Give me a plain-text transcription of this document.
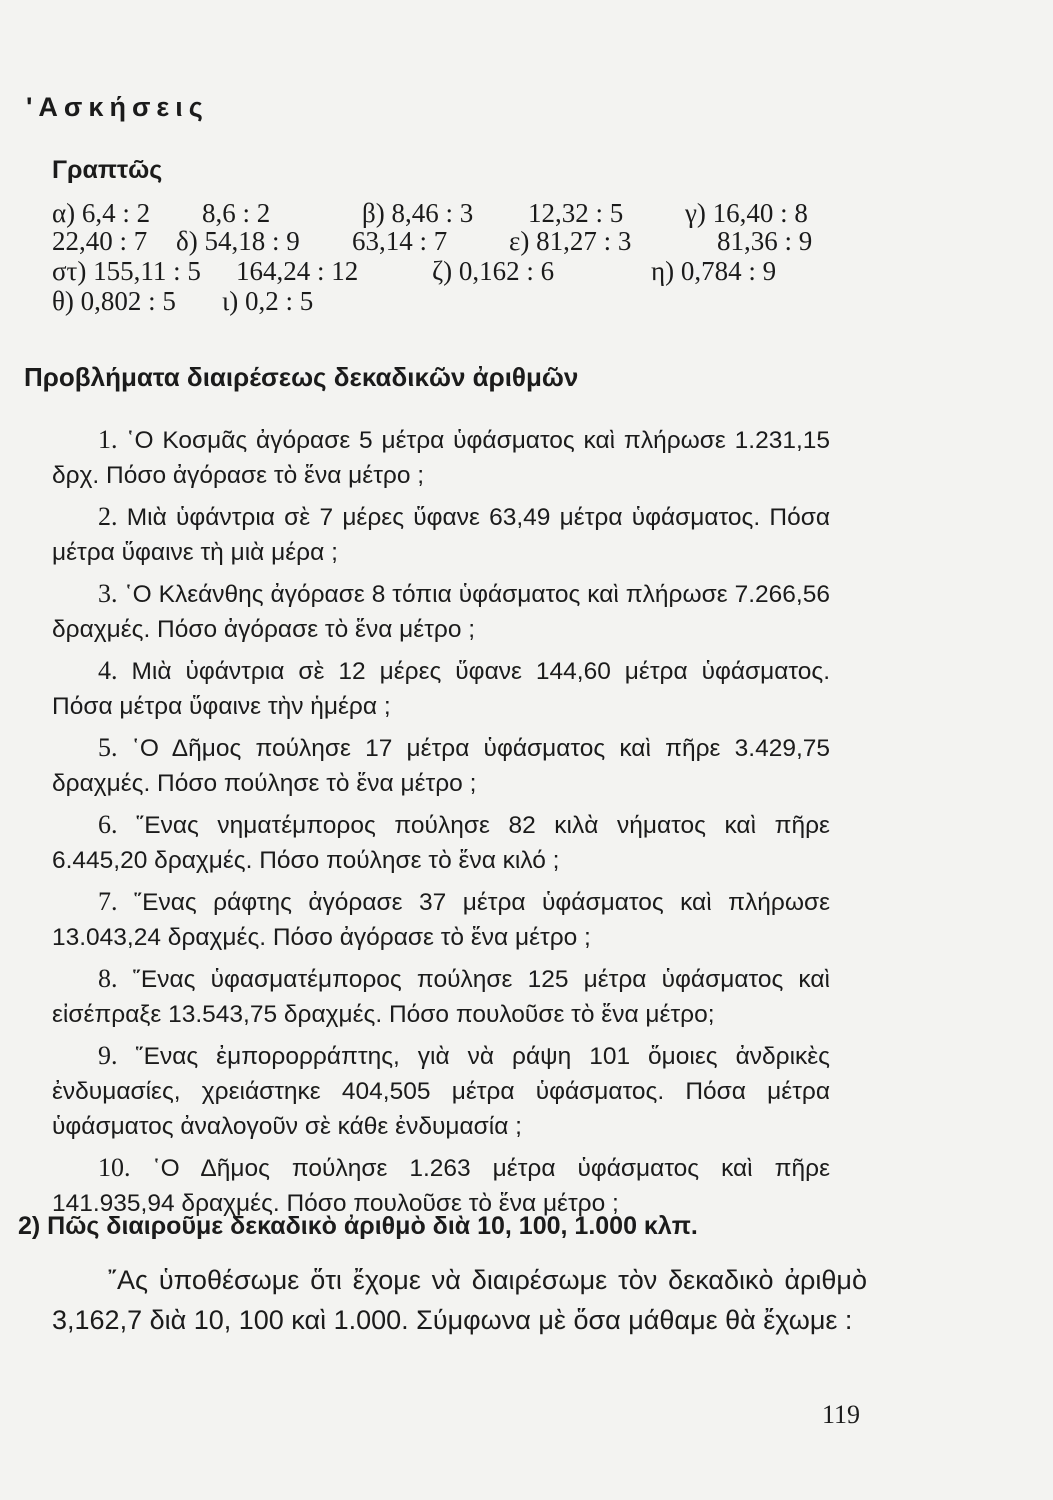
'Ασκήσεις
Γραπτῶς
α) 6,4 : 2 8,6 : 2	β) 8,46 : 3 12,32 : 5 γ) 16,40 : 8
22,40 : 7 δ) 54,18 : 9 63,14 : 7 ε) 81,27 : 3	81,36 : 9
στ) 155,11 : 5 164,24 : 12	ζ) 0,162 : 6	η) 0,784 : 9
θ) 0,802 : 5 ι) 0,2 : 5
Προβλήματα διαιρέσεως δεκαδικῶν ἀριθμῶν

1. ῾Ο Κοσμᾶς ἀγόρασε 5 μέτρα ὑφάσματος καὶ πλήρωσε 1.231,15 δρχ. Πόσο ἀγόρασε τὸ ἕνα μέτρο ;

2. Μιὰ ὑφάντρια σὲ 7 μέρες ὕφανε 63,49 μέτρα ὑφάσματος. Πόσα μέτρα ὕφαινε τὴ μιὰ μέρα ;

3. ῾Ο Κλεάνθης ἀγόρασε 8 τόπια ὑφάσματος καὶ πλήρωσε 7.266,56 δραχμές. Πόσο ἀγόρασε τὸ ἕνα μέτρο ;

4. Μιὰ ὑφάντρια σὲ 12 μέρες ὕφανε 144,60 μέτρα ὑφάσματος. Πόσα μέτρα ὕφαινε τὴν ἡμέρα ;

5. ῾Ο Δῆμος πούλησε 17 μέτρα ὑφάσματος καὶ πῆρε 3.429,75 δραχμές. Πόσο πούλησε τὸ ἕνα μέτρο ;

6. ῞Ενας νηματέμπορος πούλησε 82 κιλὰ νήματος καὶ πῆρε 6.445,20 δραχμές. Πόσο πούλησε τὸ ἕνα κιλό ;

7. ῞Ενας ράφτης ἀγόρασε 37 μέτρα ὑφάσματος καὶ πλήρωσε 13.043,24 δραχμές. Πόσο ἀγόρασε τὸ ἕνα μέτρο ;

8. ῞Ενας ὑφασματέμπορος πούλησε 125 μέτρα ὑφάσματος καὶ εἰσέπραξε 13.543,75 δραχμές. Πόσο πουλοῦσε τὸ ἕνα μέτρο;

9. ῞Ενας ἐμπορορράπτης, γιὰ νὰ ράψη 101 ὅμοιες ἀνδρικὲς ἐνδυμασίες, χρειάστηκε 404,505 μέτρα ὑφάσματος. Πόσα μέτρα ὑφάσματος ἀναλογοῦν σὲ κάθε ἐνδυμασία ;

10. ῾Ο Δῆμος πούλησε 1.263 μέτρα ὑφάσματος καὶ πῆρε 141.935,94 δραχμές. Πόσο πουλοῦσε τὸ ἕνα μέτρο ;

2) Πῶς διαιροῦμε δεκαδικὸ ἀριθμὸ διὰ 10, 100, 1.000 κλπ.

῎Ας ὑποθέσωμε ὅτι ἔχομε νὰ διαιρέσωμε τὸν δεκαδικὸ ἀριθμὸ 3,162,7 διὰ 10, 100 καὶ 1.000. Σύμφωνα μὲ ὅσα μάθαμε θὰ ἔχωμε :

119
